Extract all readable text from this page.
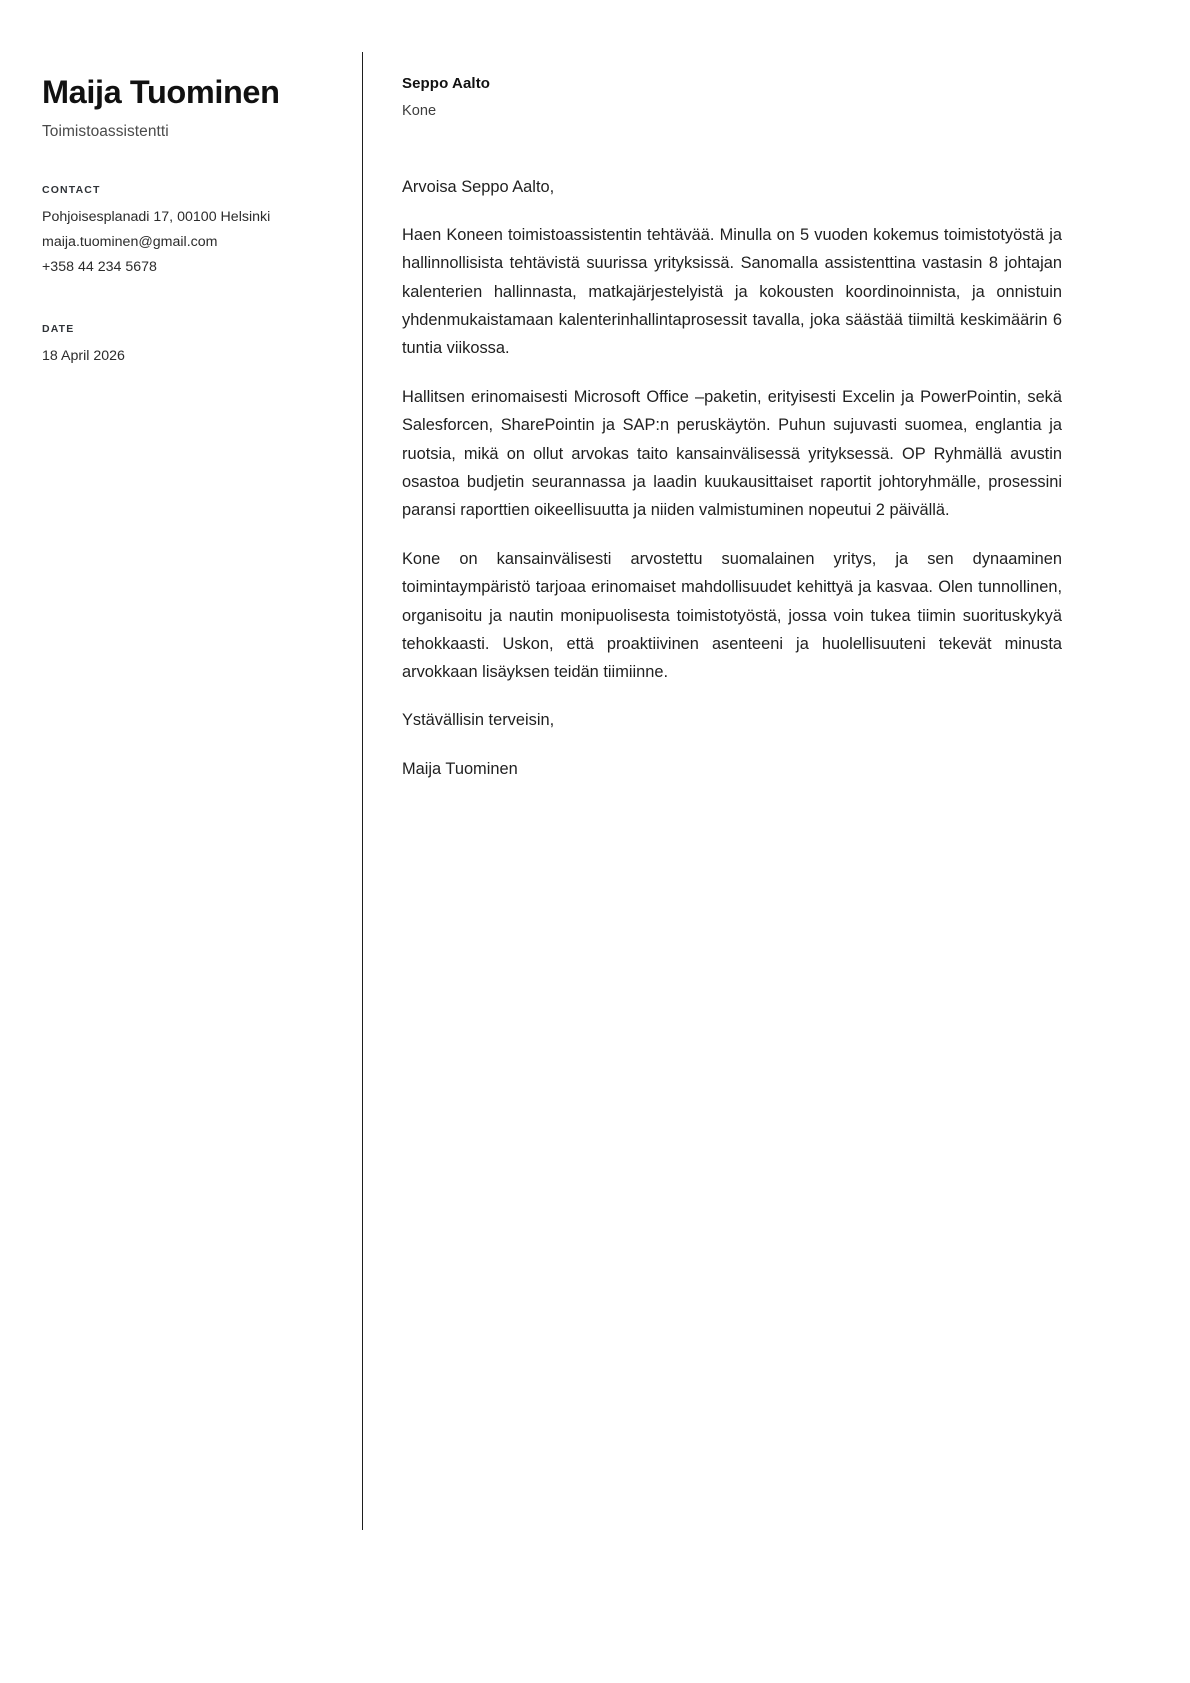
Maija Tuominen

Toimistoassistentti

CONTACT

Pohjoisesplanadi 17, 00100 Helsinki

maija.tuominen@gmail.com

+358 44 234 5678

DATE

18 April 2026

Seppo Aalto

Kone

Arvoisa Seppo Aalto,

Haen Koneen toimistoassistentin tehtävää. Minulla on 5 vuoden kokemus toimistotyöstä ja hallinnollisista tehtävistä suurissa yrityksissä. Sanomalla assistenttina vastasin 8 johtajan kalenterien hallinnasta, matkajärjestelyistä ja kokousten koordinoinnista, ja onnistuin yhdenmukaistamaan kalenterinhallintaprosessit tavalla, joka säästää tiimiltä keskimäärin 6 tuntia viikossa.

Hallitsen erinomaisesti Microsoft Office –paketin, erityisesti Excelin ja PowerPointin, sekä Salesforcen, SharePointin ja SAP:n peruskäytön. Puhun sujuvasti suomea, englantia ja ruotsia, mikä on ollut arvokas taito kansainvälisessä yrityksessä. OP Ryhmällä avustin osastoa budjetin seurannassa ja laadin kuukausittaiset raportit johtoryhmälle, prosessini paransi raporttien oikeellisuutta ja niiden valmistuminen nopeutui 2 päivällä.

Kone on kansainvälisesti arvostettu suomalainen yritys, ja sen dynaaminen toimintaympäristö tarjoaa erinomaiset mahdollisuudet kehittyä ja kasvaa. Olen tunnollinen, organisoitu ja nautin monipuolisesta toimistotyöstä, jossa voin tukea tiimin suorituskykyä tehokkaasti. Uskon, että proaktiivinen asenteeni ja huolellisuuteni tekevät minusta arvokkaan lisäyksen teidän tiimiinne.

Ystävällisin terveisin,

Maija Tuominen
